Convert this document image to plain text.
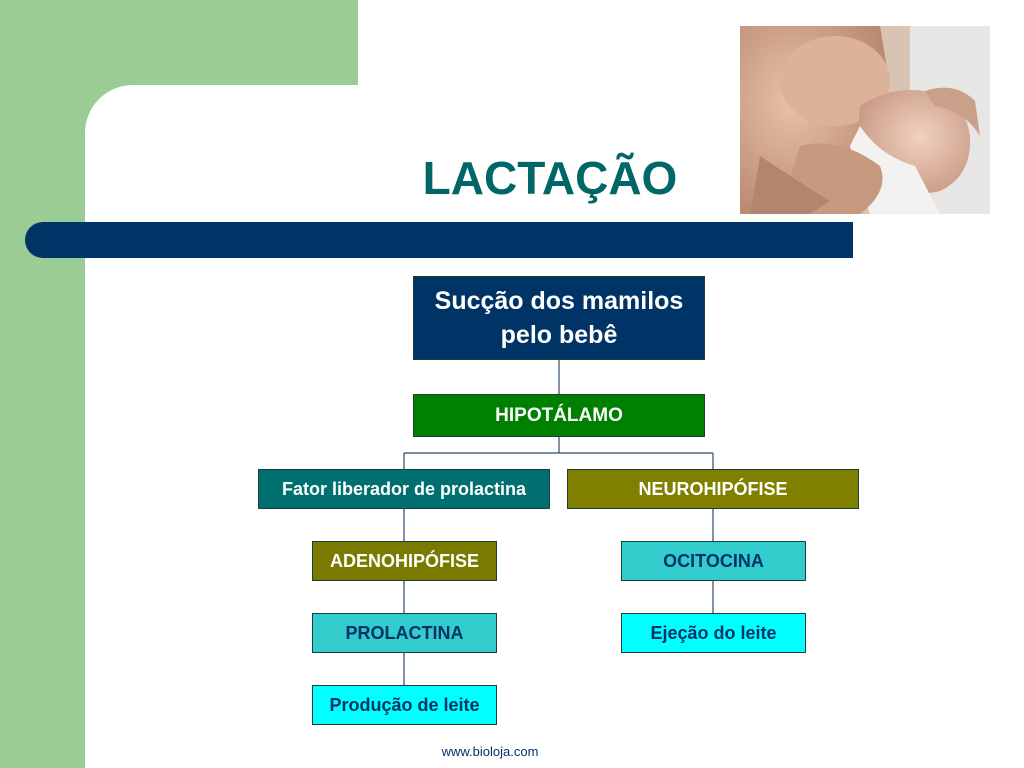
LACTAÇÃO
Sucção dos mamilos pelo bebê
HIPOTÁLAMO
Fator liberador de prolactina	NEUROHIPÓFISE
ADENOHIPÓFISE	OCITOCINA
PROLACTINA	Ejeção do leite
Produção de leite
www.bioloja.com
